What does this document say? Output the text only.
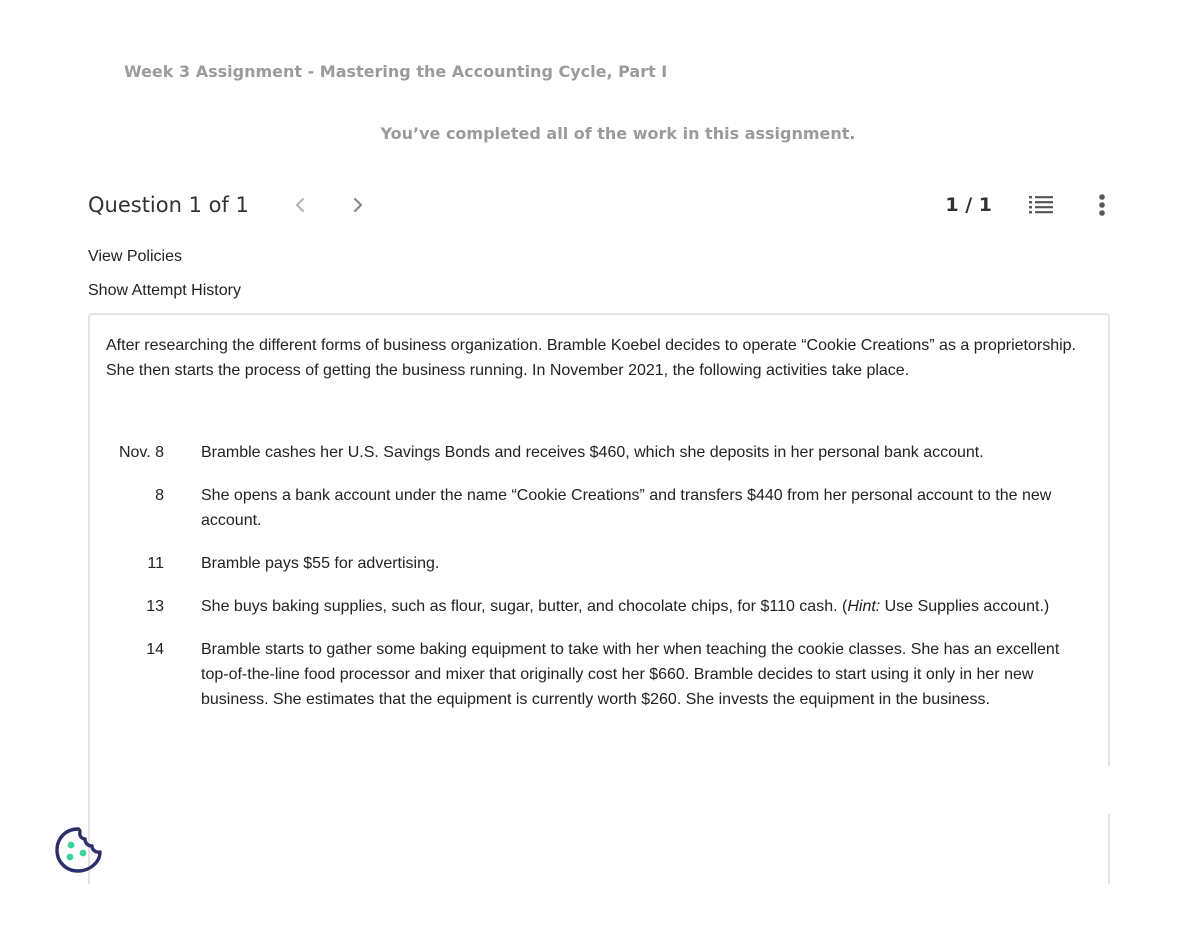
Week 3 Assignment - Mastering the Accounting Cycle, Part I
You’ve completed all of the work in this assignment.
Question 1 of 1	1 / 1
View Policies
Show Attempt History
After researching the different forms of business organization. Bramble Koebel decides to operate “Cookie Creations” as a proprietorship. She then starts the process of getting the business running. In November 2021, the following activities take place.
Nov. 8 Bramble cashes her U.S. Savings Bonds and receives $460, which she deposits in her personal bank account.
8 She opens a bank account under the name “Cookie Creations” and transfers $440 from her personal account to the new account.
11 Bramble pays $55 for advertising.
13 She buys baking supplies, such as flour, sugar, butter, and chocolate chips, for $110 cash. (Hint: Use Supplies account.)
14 Bramble starts to gather some baking equipment to take with her when teaching the cookie classes. She has an excellent top-of-the-line food processor and mixer that originally cost her $660. Bramble decides to start using it only in her new business. She estimates that the equipment is currently worth $260. She invests the equipment in the business.
